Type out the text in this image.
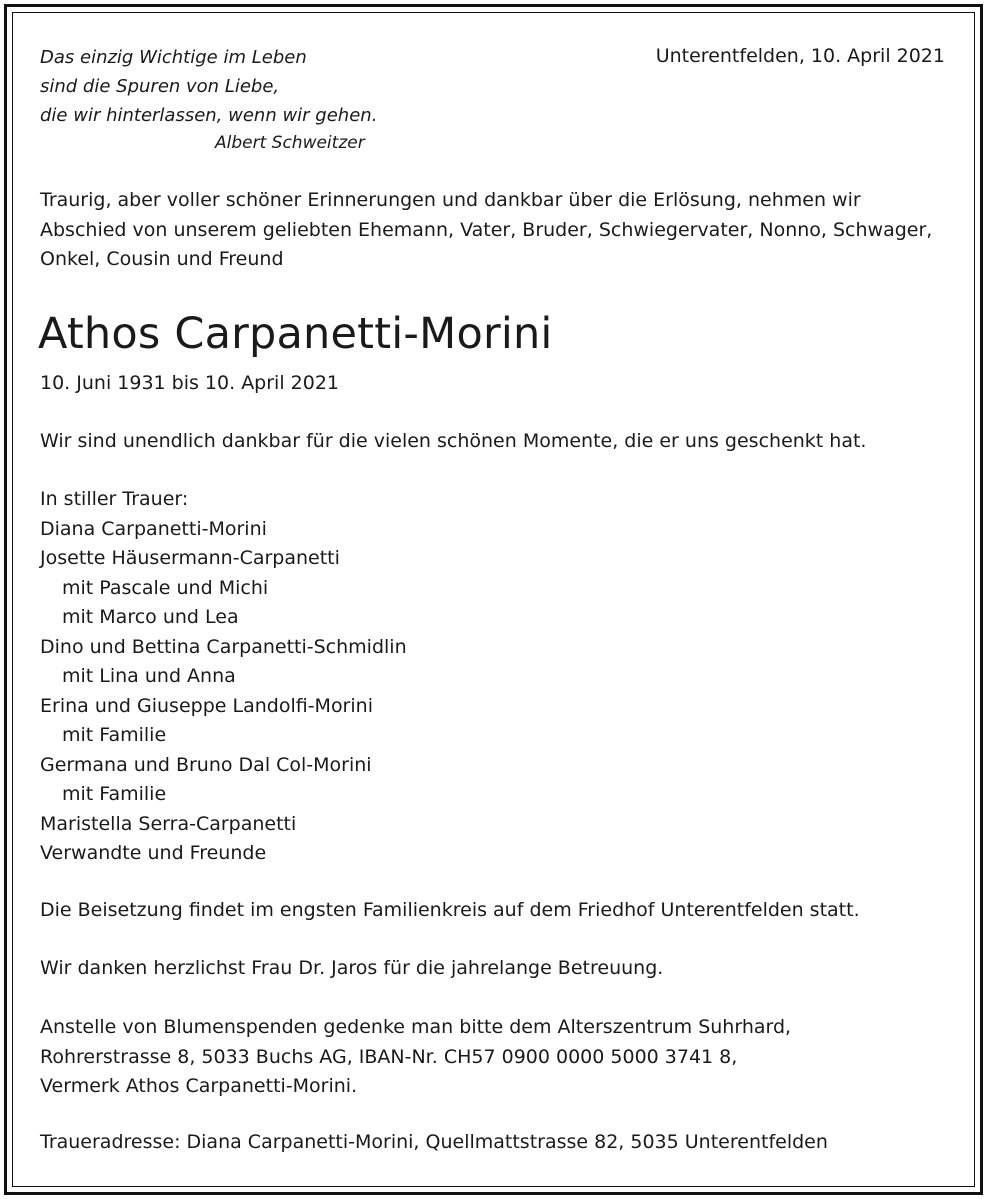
Das einzig Wichtige im Leben
sind die Spuren von Liebe,
die wir hinterlassen, wenn wir gehen.
Albert Schweitzer
Unterentfelden, 10. April 2021
Traurig, aber voller schöner Erinnerungen und dankbar über die Erlösung, nehmen wir
Abschied von unserem geliebten Ehemann, Vater, Bruder, Schwiegervater, Nonno, Schwager,
Onkel, Cousin und Freund
Athos Carpanetti-Morini
10. Juni 1931 bis 10. April 2021
Wir sind unendlich dankbar für die vielen schönen Momente, die er uns geschenkt hat.
In stiller Trauer:
Diana Carpanetti-Morini
Josette Häusermann-Carpanetti
mit Pascale und Michi
mit Marco und Lea
Dino und Bettina Carpanetti-Schmidlin
mit Lina und Anna
Erina und Giuseppe Landolfi-Morini
mit Familie
Germana und Bruno Dal Col-Morini
mit Familie
Maristella Serra-Carpanetti
Verwandte und Freunde
Die Beisetzung findet im engsten Familienkreis auf dem Friedhof Unterentfelden statt.
Wir danken herzlichst Frau Dr. Jaros für die jahrelange Betreuung.
Anstelle von Blumenspenden gedenke man bitte dem Alterszentrum Suhrhard,
Rohrerstrasse 8, 5033 Buchs AG, IBAN-Nr. CH57 0900 0000 5000 3741 8,
Vermerk Athos Carpanetti-Morini.
Traueradresse: Diana Carpanetti-Morini, Quellmattstrasse 82, 5035 Unterentfelden
